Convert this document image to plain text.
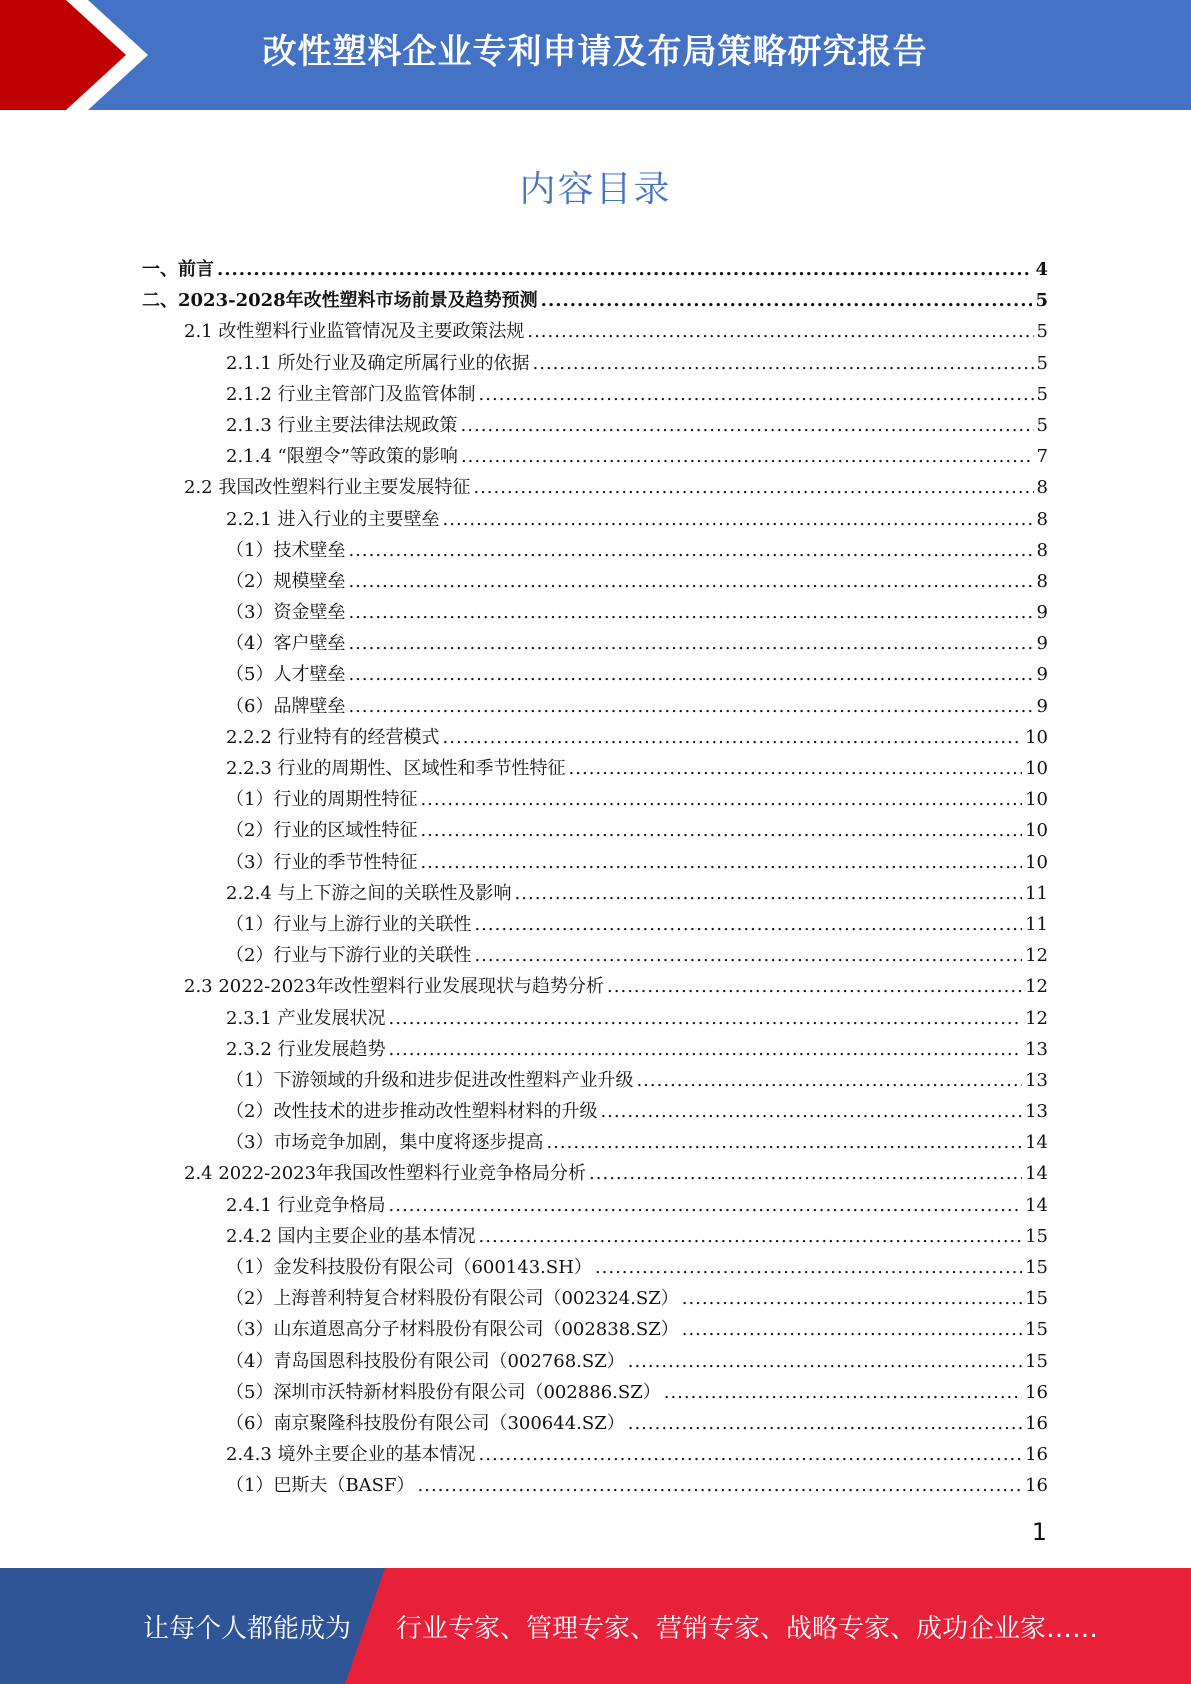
改性塑料企业专利申请及布局策略研究报告
内容目录
一、前言 .....	4
二、2023-2028年改性塑料市场前景及趋势预测 .....	5
2.1 改性塑料行业监管情况及主要政策法规 .....	5
2.1.1 所处行业及确定所属行业的依据 .....	5
2.1.2 行业主管部门及监管体制 .....	5
2.1.3 行业主要法律法规政策 .....	5
2.1.4 “限塑令”等政策的影响 .....	7
2.2 我国改性塑料行业主要发展特征 .....	8
2.2.1 进入行业的主要壁垒 .....	8
（1）技术壁垒 .....	8
（2）规模壁垒 .....	8
（3）资金壁垒 .....	9
（4）客户壁垒 .....	9
（5）人才壁垒 .....	9
（6）品牌壁垒 .....	9
2.2.2 行业特有的经营模式 .....	10
2.2.3 行业的周期性、区域性和季节性特征 .....	10
（1）行业的周期性特征 .....	10
（2）行业的区域性特征 .....	10
（3）行业的季节性特征 .....	10
2.2.4 与上下游之间的关联性及影响 .....	11
（1）行业与上游行业的关联性 .....	11
（2）行业与下游行业的关联性 .....	12
2.3 2022-2023年改性塑料行业发展现状与趋势分析 .....	12
2.3.1 产业发展状况 .....	12
2.3.2 行业发展趋势 .....	13
（1）下游领域的升级和进步促进改性塑料产业升级 .....	13
（2）改性技术的进步推动改性塑料材料的升级 .....	13
（3）市场竞争加剧，集中度将逐步提高 .....	14
2.4 2022-2023年我国改性塑料行业竞争格局分析 .....	14
2.4.1 行业竞争格局 .....	14
2.4.2 国内主要企业的基本情况 .....	15
（1）金发科技股份有限公司（600143.SH） .....	15
（2）上海普利特复合材料股份有限公司（002324.SZ） .....	15
（3）山东道恩高分子材料股份有限公司（002838.SZ） .....	15
（4）青岛国恩科技股份有限公司（002768.SZ） .....	15
（5）深圳市沃特新材料股份有限公司（002886.SZ） .....	16
（6）南京聚隆科技股份有限公司（300644.SZ） .....	16
2.4.3 境外主要企业的基本情况 .....	16
（1）巴斯夫（BASF） .....	16
1
让每个人都能成为 行业专家、管理专家、营销专家、战略专家、成功企业家……
